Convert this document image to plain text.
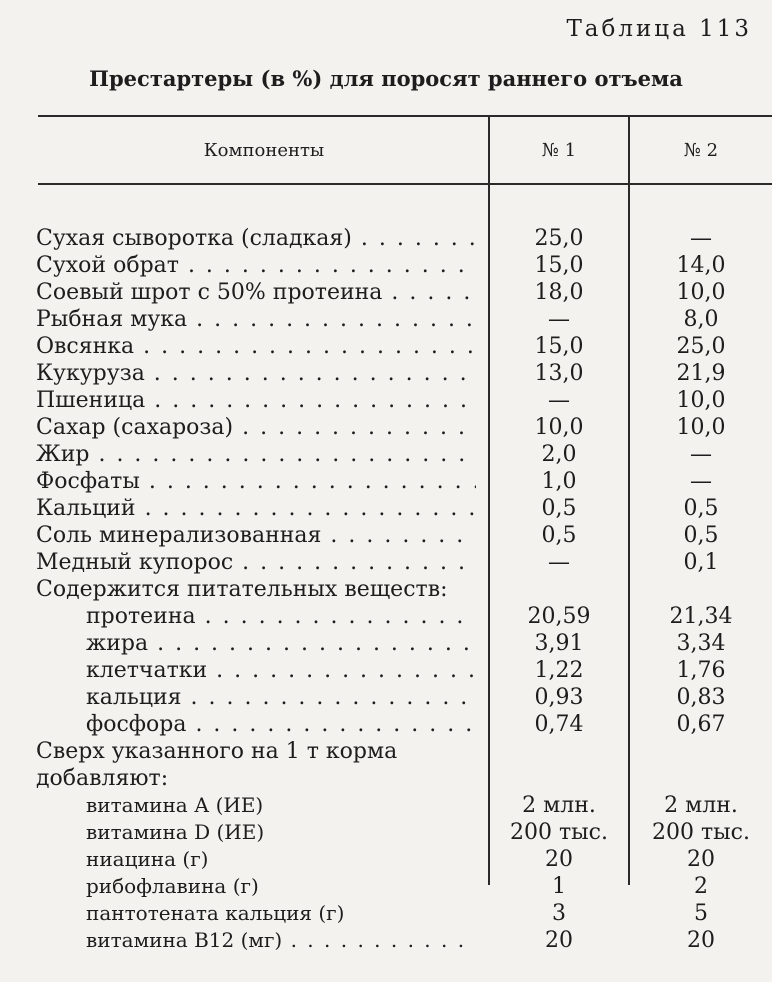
Таблица 113
Престартеры (в %) для поросят раннего отъема
Компоненты	№ 1	№ 2
Сухая сыворотка (сладкая) . . .	25,0	—
Сухой обрат . . .	15,0	14,0
Соевый шрот с 50% протеина . . .	18,0	10,0
Рыбная мука . . .	—	8,0
Овсянка . . .	15,0	25,0
Кукуруза . . .	13,0	21,9
Пшеница . . .	—	10,0
Сахар (сахароза) . . .	10,0	10,0
Жир . . .	2,0	—
Фосфаты . . .	1,0	—
Кальций . . .	0,5	0,5
Соль минерализованная . . .	0,5	0,5
Медный купорос . . .	—	0,1
Содержится питательных веществ:
протеина . . .	20,59	21,34
жира . . .	3,91	3,34
клетчатки . . .	1,22	1,76
кальция . . .	0,93	0,83
фосфора . . .	0,74	0,67
Сверх указанного на 1 т корма
добавляют:
витамина А (ИЕ)	2 млн.	2 млн.
витамина D (ИЕ)	200 тыс.	200 тыс.
ниацина (г)	20	20
рибофлавина (г)	1	2
пантотената кальция (г)	3	5
витамина B12 (мг) . . .	20	20
